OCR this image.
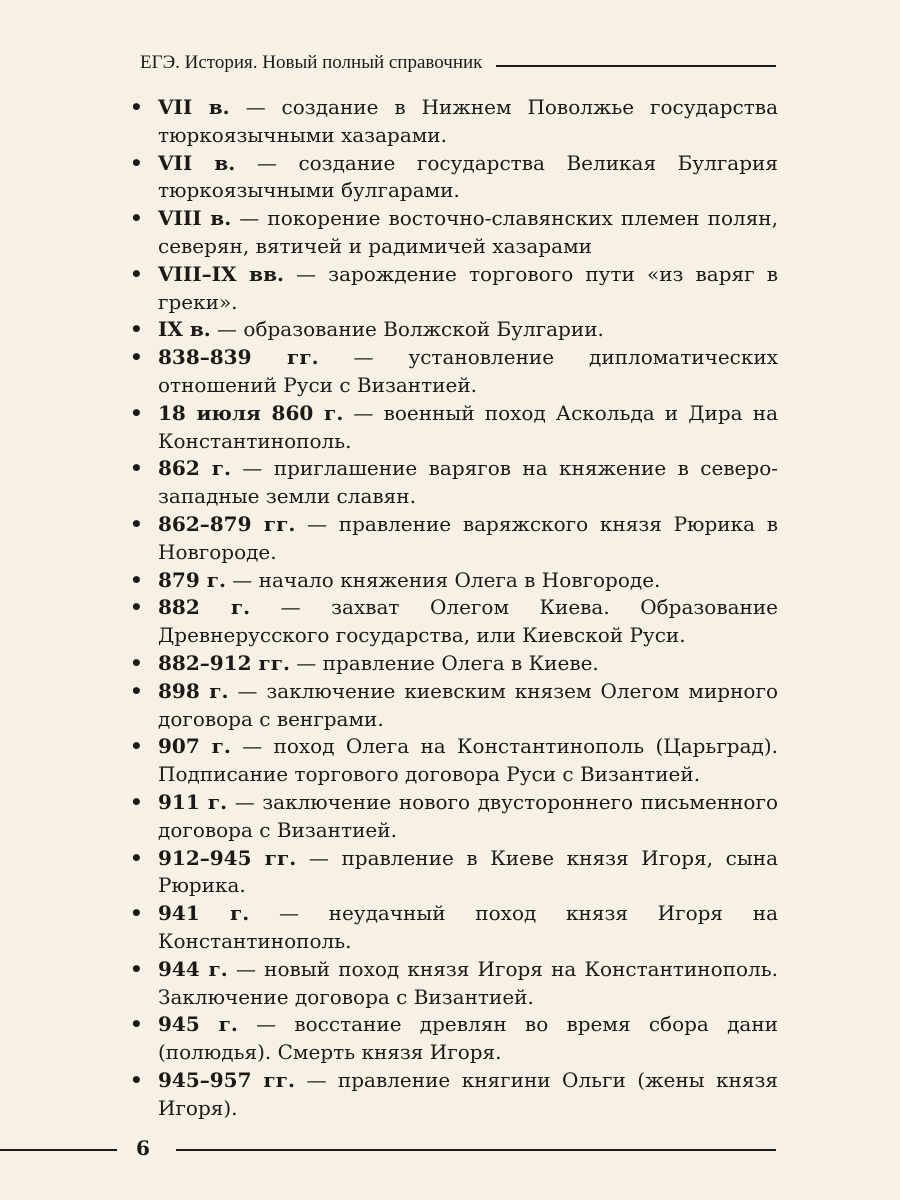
ЕГЭ. История. Новый полный справочник
• VII в. — создание в Нижнем Поволжье государства тюркоязычными хазарами.
• VII в. — создание государства Великая Булгария тюркоязычными булгарами.
• VIII в. — покорение восточно-славянских племен полян, северян, вятичей и радимичей хазарами
• VIII–IX вв. — зарождение торгового пути «из варяг в греки».
• IX в. — образование Волжской Булгарии.
• 838–839 гг. — установление дипломатических отношений Руси с Византией.
• 18 июля 860 г. — военный поход Аскольда и Дира на Константинополь.
• 862 г. — приглашение варягов на княжение в северо-западные земли славян.
• 862–879 гг. — правление варяжского князя Рюрика в Новгороде.
• 879 г. — начало княжения Олега в Новгороде.
• 882 г. — захват Олегом Киева. Образование Древнерусского государства, или Киевской Руси.
• 882–912 гг. — правление Олега в Киеве.
• 898 г. — заключение киевским князем Олегом мирного договора с венграми.
• 907 г. — поход Олега на Константинополь (Царьград). Подписание торгового договора Руси с Византией.
• 911 г. — заключение нового двустороннего письменного договора с Византией.
• 912–945 гг. — правление в Киеве князя Игоря, сына Рюрика.
• 941 г. — неудачный поход князя Игоря на Константинополь.
• 944 г. — новый поход князя Игоря на Константинополь. Заключение договора с Византией.
• 945 г. — восстание древлян во время сбора дани (полюдья). Смерть князя Игоря.
• 945–957 гг. — правление княгини Ольги (жены князя Игоря).
6
